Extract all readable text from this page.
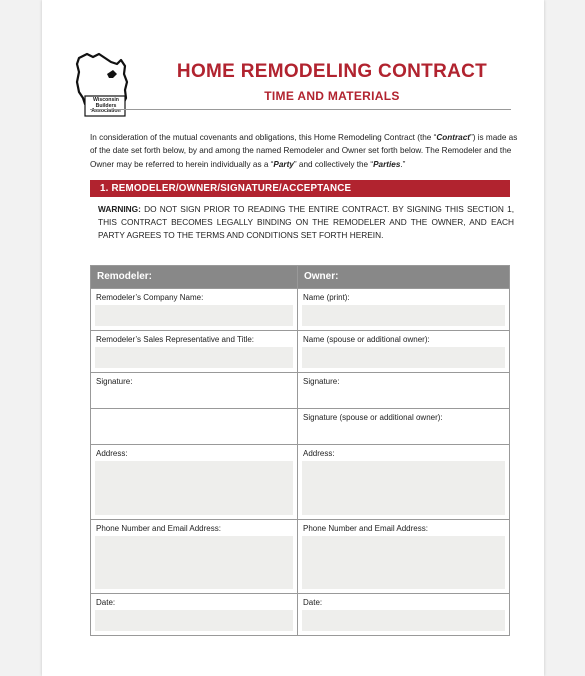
Wisconsin Builders Association
HOME REMODELING CONTRACT
TIME AND MATERIALS
In consideration of the mutual covenants and obligations, this Home Remodeling Contract (the “Contract”) is made as of the date set forth below, by and among the named Remodeler and Owner set forth below. The Remodeler and the Owner may be referred to herein individually as a “Party” and collectively the “Parties.”
1. REMODELER/OWNER/SIGNATURE/ACCEPTANCE
WARNING: DO NOT SIGN PRIOR TO READING THE ENTIRE CONTRACT. BY SIGNING THIS SECTION 1, THIS CONTRACT BECOMES LEGALLY BINDING ON THE REMODELER AND THE OWNER, AND EACH PARTY AGREES TO THE TERMS AND CONDITIONS SET FORTH HEREIN.
Remodeler:	Owner:

Remodeler’s Company Name:	Name (print):

Remodeler’s Sales Representative and Title:	Name (spouse or additional owner):

Signature:	Signature:

	Signature (spouse or additional owner):

Address:	Address:

Phone Number and Email Address:	Phone Number and Email Address:

Date:	Date:
